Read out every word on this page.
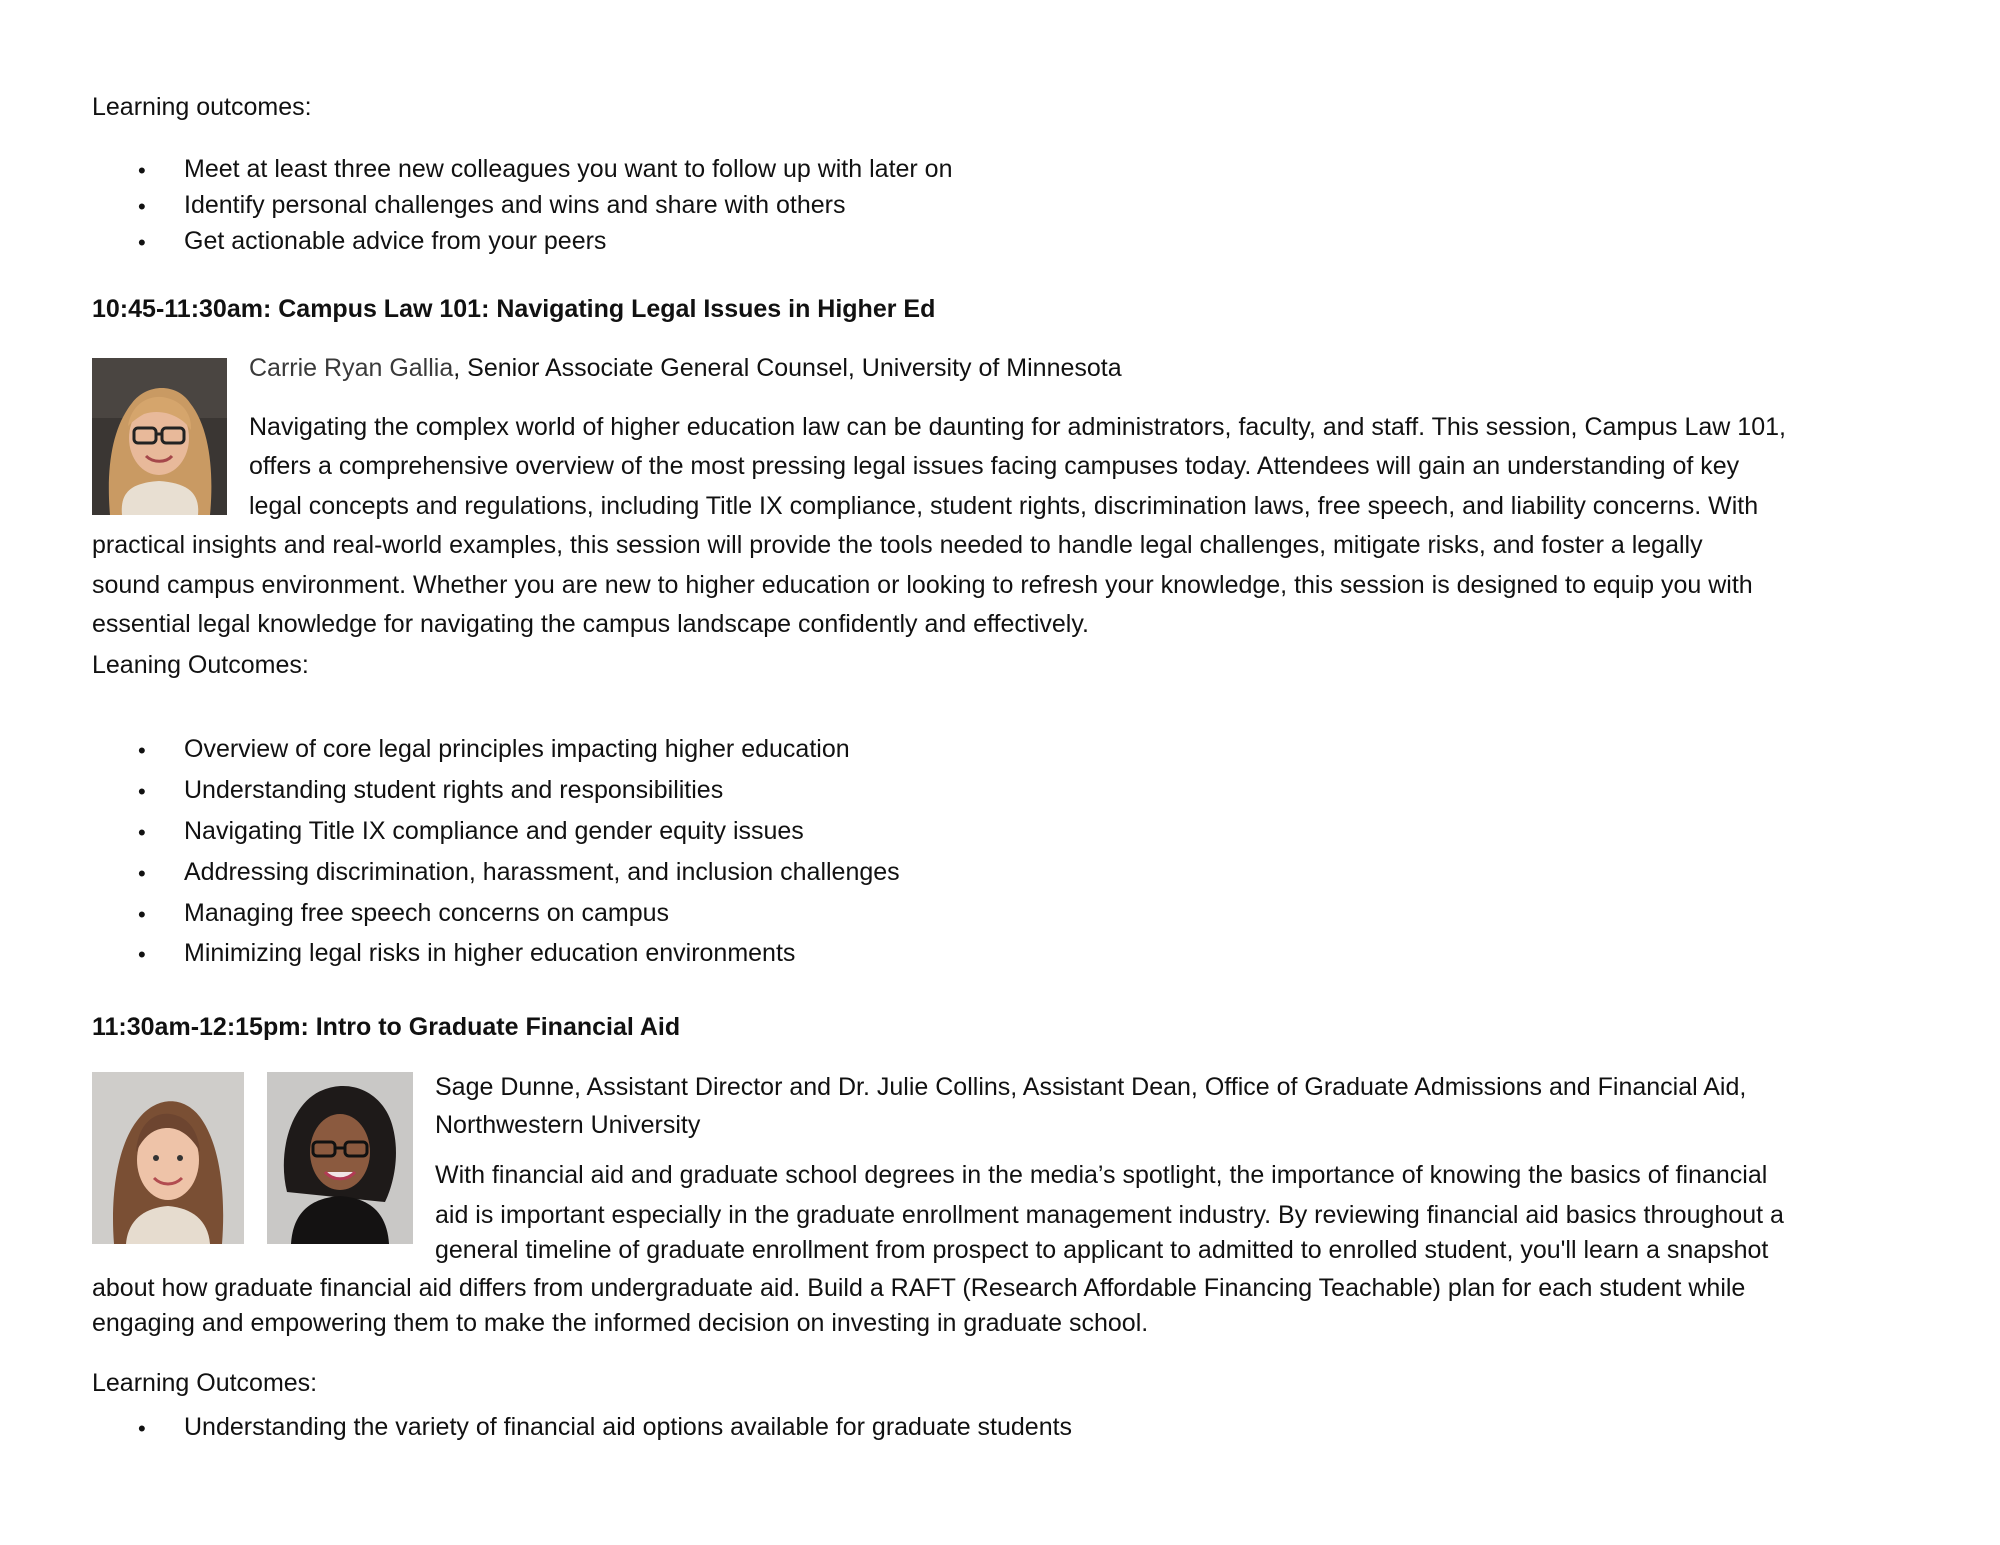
Learning outcomes:
• Meet at least three new colleagues you want to follow up with later on
• Identify personal challenges and wins and share with others
• Get actionable advice from your peers
10:45-11:30am: Campus Law 101: Navigating Legal Issues in Higher Ed
Carrie Ryan Gallia, Senior Associate General Counsel, University of Minnesota
Navigating the complex world of higher education law can be daunting for administrators, faculty, and staff. This session, Campus Law 101,
offers a comprehensive overview of the most pressing legal issues facing campuses today. Attendees will gain an understanding of key
legal concepts and regulations, including Title IX compliance, student rights, discrimination laws, free speech, and liability concerns. With
practical insights and real-world examples, this session will provide the tools needed to handle legal challenges, mitigate risks, and foster a legally
sound campus environment. Whether you are new to higher education or looking to refresh your knowledge, this session is designed to equip you with
essential legal knowledge for navigating the campus landscape confidently and effectively.
Leaning Outcomes:
• Overview of core legal principles impacting higher education
• Understanding student rights and responsibilities
• Navigating Title IX compliance and gender equity issues
• Addressing discrimination, harassment, and inclusion challenges
• Managing free speech concerns on campus
• Minimizing legal risks in higher education environments
11:30am-12:15pm: Intro to Graduate Financial Aid
Sage Dunne, Assistant Director and Dr. Julie Collins, Assistant Dean, Office of Graduate Admissions and Financial Aid,
Northwestern University
With financial aid and graduate school degrees in the media’s spotlight, the importance of knowing the basics of financial
aid is important especially in the graduate enrollment management industry. By reviewing financial aid basics throughout a
general timeline of graduate enrollment from prospect to applicant to admitted to enrolled student, you'll learn a snapshot
about how graduate financial aid differs from undergraduate aid. Build a RAFT (Research Affordable Financing Teachable) plan for each student while
engaging and empowering them to make the informed decision on investing in graduate school.
Learning Outcomes:
• Understanding the variety of financial aid options available for graduate students
